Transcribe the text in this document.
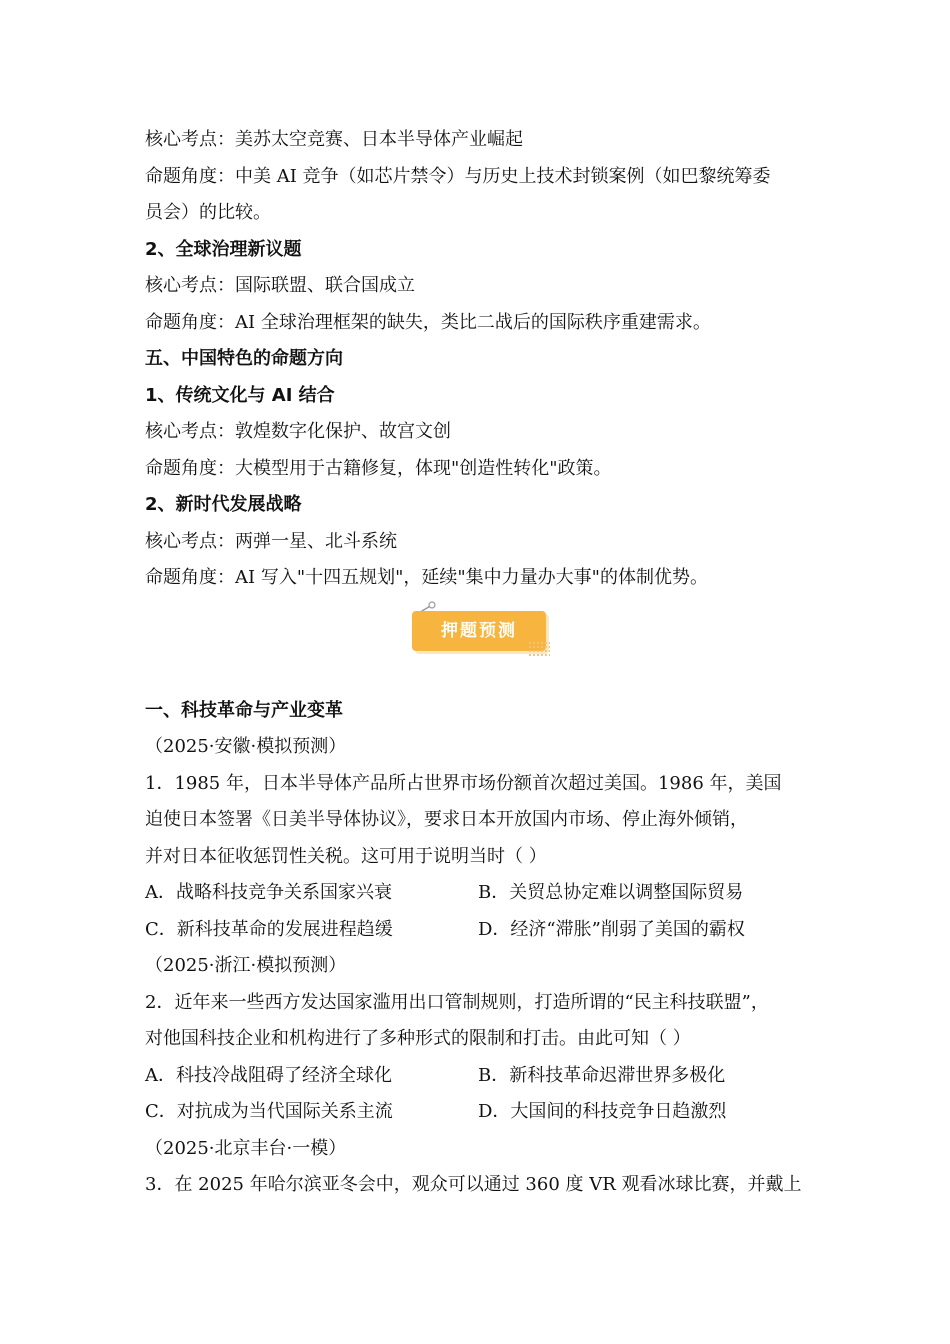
核心考点：美苏太空竞赛、日本半导体产业崛起
命题角度：中美 AI 竞争（如芯片禁令）与历史上技术封锁案例（如巴黎统筹委
员会）的比较。
2、全球治理新议题
核心考点：国际联盟、联合国成立
命题角度：AI 全球治理框架的缺失，类比二战后的国际秩序重建需求。
五、中国特色的命题方向
1、传统文化与 AI 结合
核心考点：敦煌数字化保护、故宫文创
命题角度：大模型用于古籍修复，体现"创造性转化"政策。
2、新时代发展战略
核心考点：两弹一星、北斗系统
命题角度：AI 写入"十四五规划"，延续"集中力量办大事"的体制优势。
押题预测
一、科技革命与产业变革
（2025·安徽·模拟预测）
1．1985 年，日本半导体产品所占世界市场份额首次超过美国。1986 年，美国
迫使日本签署《日美半导体协议》，要求日本开放国内市场、停止海外倾销，
并对日本征收惩罚性关税。这可用于说明当时（ ）
A．战略科技竞争关系国家兴衰	B．关贸总协定难以调整国际贸易
C．新科技革命的发展进程趋缓	D．经济“滞胀”削弱了美国的霸权
（2025·浙江·模拟预测）
2．近年来一些西方发达国家滥用出口管制规则，打造所谓的“民主科技联盟”，
对他国科技企业和机构进行了多种形式的限制和打击。由此可知（ ）
A．科技冷战阻碍了经济全球化	B．新科技革命迟滞世界多极化
C．对抗成为当代国际关系主流	D．大国间的科技竞争日趋激烈
（2025·北京丰台·一模）
3．在 2025 年哈尔滨亚冬会中，观众可以通过 360 度 VR 观看冰球比赛，并戴上
